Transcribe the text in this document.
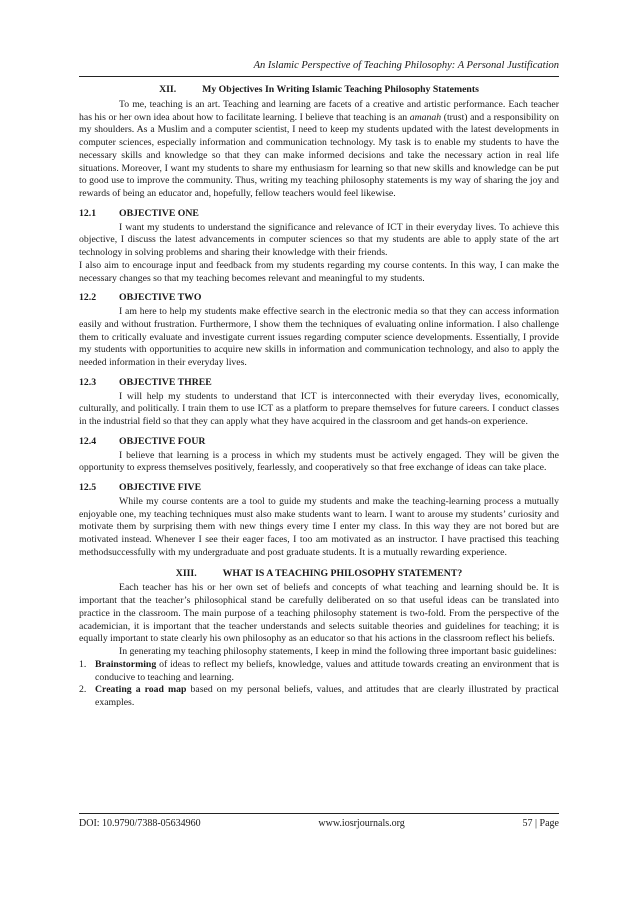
An Islamic Perspective of Teaching Philosophy: A Personal Justification
XII.	My Objectives In Writing Islamic Teaching Philosophy Statements

To me, teaching is an art. Teaching and learning are facets of a creative and artistic performance. Each teacher has his or her own idea about how to facilitate learning. I believe that teaching is an amanah (trust) and a responsibility on my shoulders. As a Muslim and a computer scientist, I need to keep my students updated with the latest developments in computer sciences, especially information and communication technology. My task is to enable my students to have the necessary skills and knowledge so that they can make informed decisions and take the necessary action in real life situations. Moreover, I want my students to share my enthusiasm for learning so that new skills and knowledge can be put to good use to improve the community. Thus, writing my teaching philosophy statements is my way of sharing the joy and rewards of being an educator and, hopefully, fellow teachers would feel likewise.

12.1 OBJECTIVE ONE

I want my students to understand the significance and relevance of ICT in their everyday lives. To achieve this objective, I discuss the latest advancements in computer sciences so that my students are able to apply state of the art technology in solving problems and sharing their knowledge with their friends.

I also aim to encourage input and feedback from my students regarding my course contents. In this way, I can make the necessary changes so that my teaching becomes relevant and meaningful to my students.

12.2 OBJECTIVE TWO

I am here to help my students make effective search in the electronic media so that they can access information easily and without frustration. Furthermore, I show them the techniques of evaluating online information. I also challenge them to critically evaluate and investigate current issues regarding computer science developments. Essentially, I provide my students with opportunities to acquire new skills in information and communication technology, and also to apply the needed information in their everyday lives.

12.3 OBJECTIVE THREE

I will help my students to understand that ICT is interconnected with their everyday lives, economically, culturally, and politically. I train them to use ICT as a platform to prepare themselves for future careers. I conduct classes in the industrial field so that they can apply what they have acquired in the classroom and get hands-on experience.

12.4 OBJECTIVE FOUR

I believe that learning is a process in which my students must be actively engaged. They will be given the opportunity to express themselves positively, fearlessly, and cooperatively so that free exchange of ideas can take place.

12.5 OBJECTIVE FIVE

While my course contents are a tool to guide my students and make the teaching-learning process a mutually enjoyable one, my teaching techniques must also make students want to learn. I want to arouse my students’ curiosity and motivate them by surprising them with new things every time I enter my class. In this way they are not bored but are motivated instead. Whenever I see their eager faces, I too am motivated as an instructor. I have practised this teaching methodsuccessfully with my undergraduate and post graduate students. It is a mutually rewarding experience.

XIII.	WHAT IS A TEACHING PHILOSOPHY STATEMENT?

Each teacher has his or her own set of beliefs and concepts of what teaching and learning should be. It is important that the teacher’s philosophical stand be carefully deliberated on so that useful ideas can be translated into practice in the classroom. The main purpose of a teaching philosophy statement is two-fold. From the perspective of the academician, it is important that the teacher understands and selects suitable theories and guidelines for teaching; it is equally important to state clearly his own philosophy as an educator so that his actions in the classroom reflect his beliefs.

In generating my teaching philosophy statements, I keep in mind the following three important basic guidelines:

1. Brainstorming of ideas to reflect my beliefs, knowledge, values and attitude towards creating an environment that is conducive to teaching and learning.
2. Creating a road map based on my personal beliefs, values, and attitudes that are clearly illustrated by practical examples.
DOI: 10.9790/7388-05634960	www.iosrjournals.org	57 | Page
